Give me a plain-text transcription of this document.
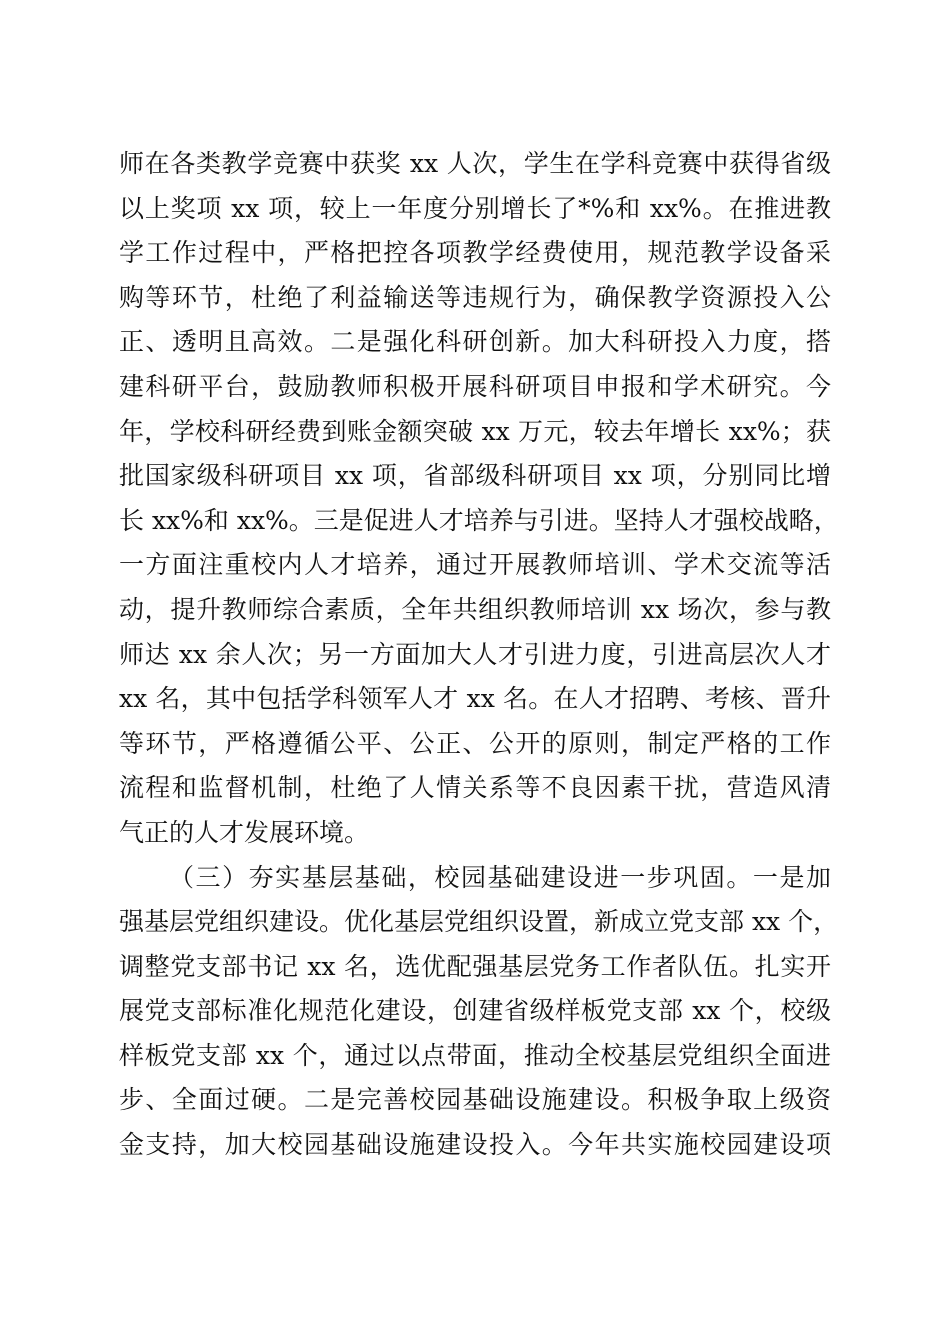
师在各类教学竞赛中获奖 xx 人次，学生在学科竞赛中获得省级
以上奖项 xx 项，较上一年度分别增长了*%和 xx%。在推进教
学工作过程中，严格把控各项教学经费使用，规范教学设备采
购等环节，杜绝了利益输送等违规行为，确保教学资源投入公
正、透明且高效。二是强化科研创新。加大科研投入力度，搭
建科研平台，鼓励教师积极开展科研项目申报和学术研究。今
年，学校科研经费到账金额突破 xx 万元，较去年增长 xx%；获
批国家级科研项目 xx 项，省部级科研项目 xx 项，分别同比增
长 xx%和 xx%。三是促进人才培养与引进。坚持人才强校战略，
一方面注重校内人才培养，通过开展教师培训、学术交流等活
动，提升教师综合素质，全年共组织教师培训 xx 场次，参与教
师达 xx 余人次；另一方面加大人才引进力度，引进高层次人才
xx 名，其中包括学科领军人才 xx 名。在人才招聘、考核、晋升
等环节，严格遵循公平、公正、公开的原则，制定严格的工作
流程和监督机制，杜绝了人情关系等不良因素干扰，营造风清
气正的人才发展环境。
（三）夯实基层基础，校园基础建设进一步巩固。一是加
强基层党组织建设。优化基层党组织设置，新成立党支部 xx 个，
调整党支部书记 xx 名，选优配强基层党务工作者队伍。扎实开
展党支部标准化规范化建设，创建省级样板党支部 xx 个，校级
样板党支部 xx 个，通过以点带面，推动全校基层党组织全面进
步、全面过硬。二是完善校园基础设施建设。积极争取上级资
金支持，加大校园基础设施建设投入。今年共实施校园建设项
